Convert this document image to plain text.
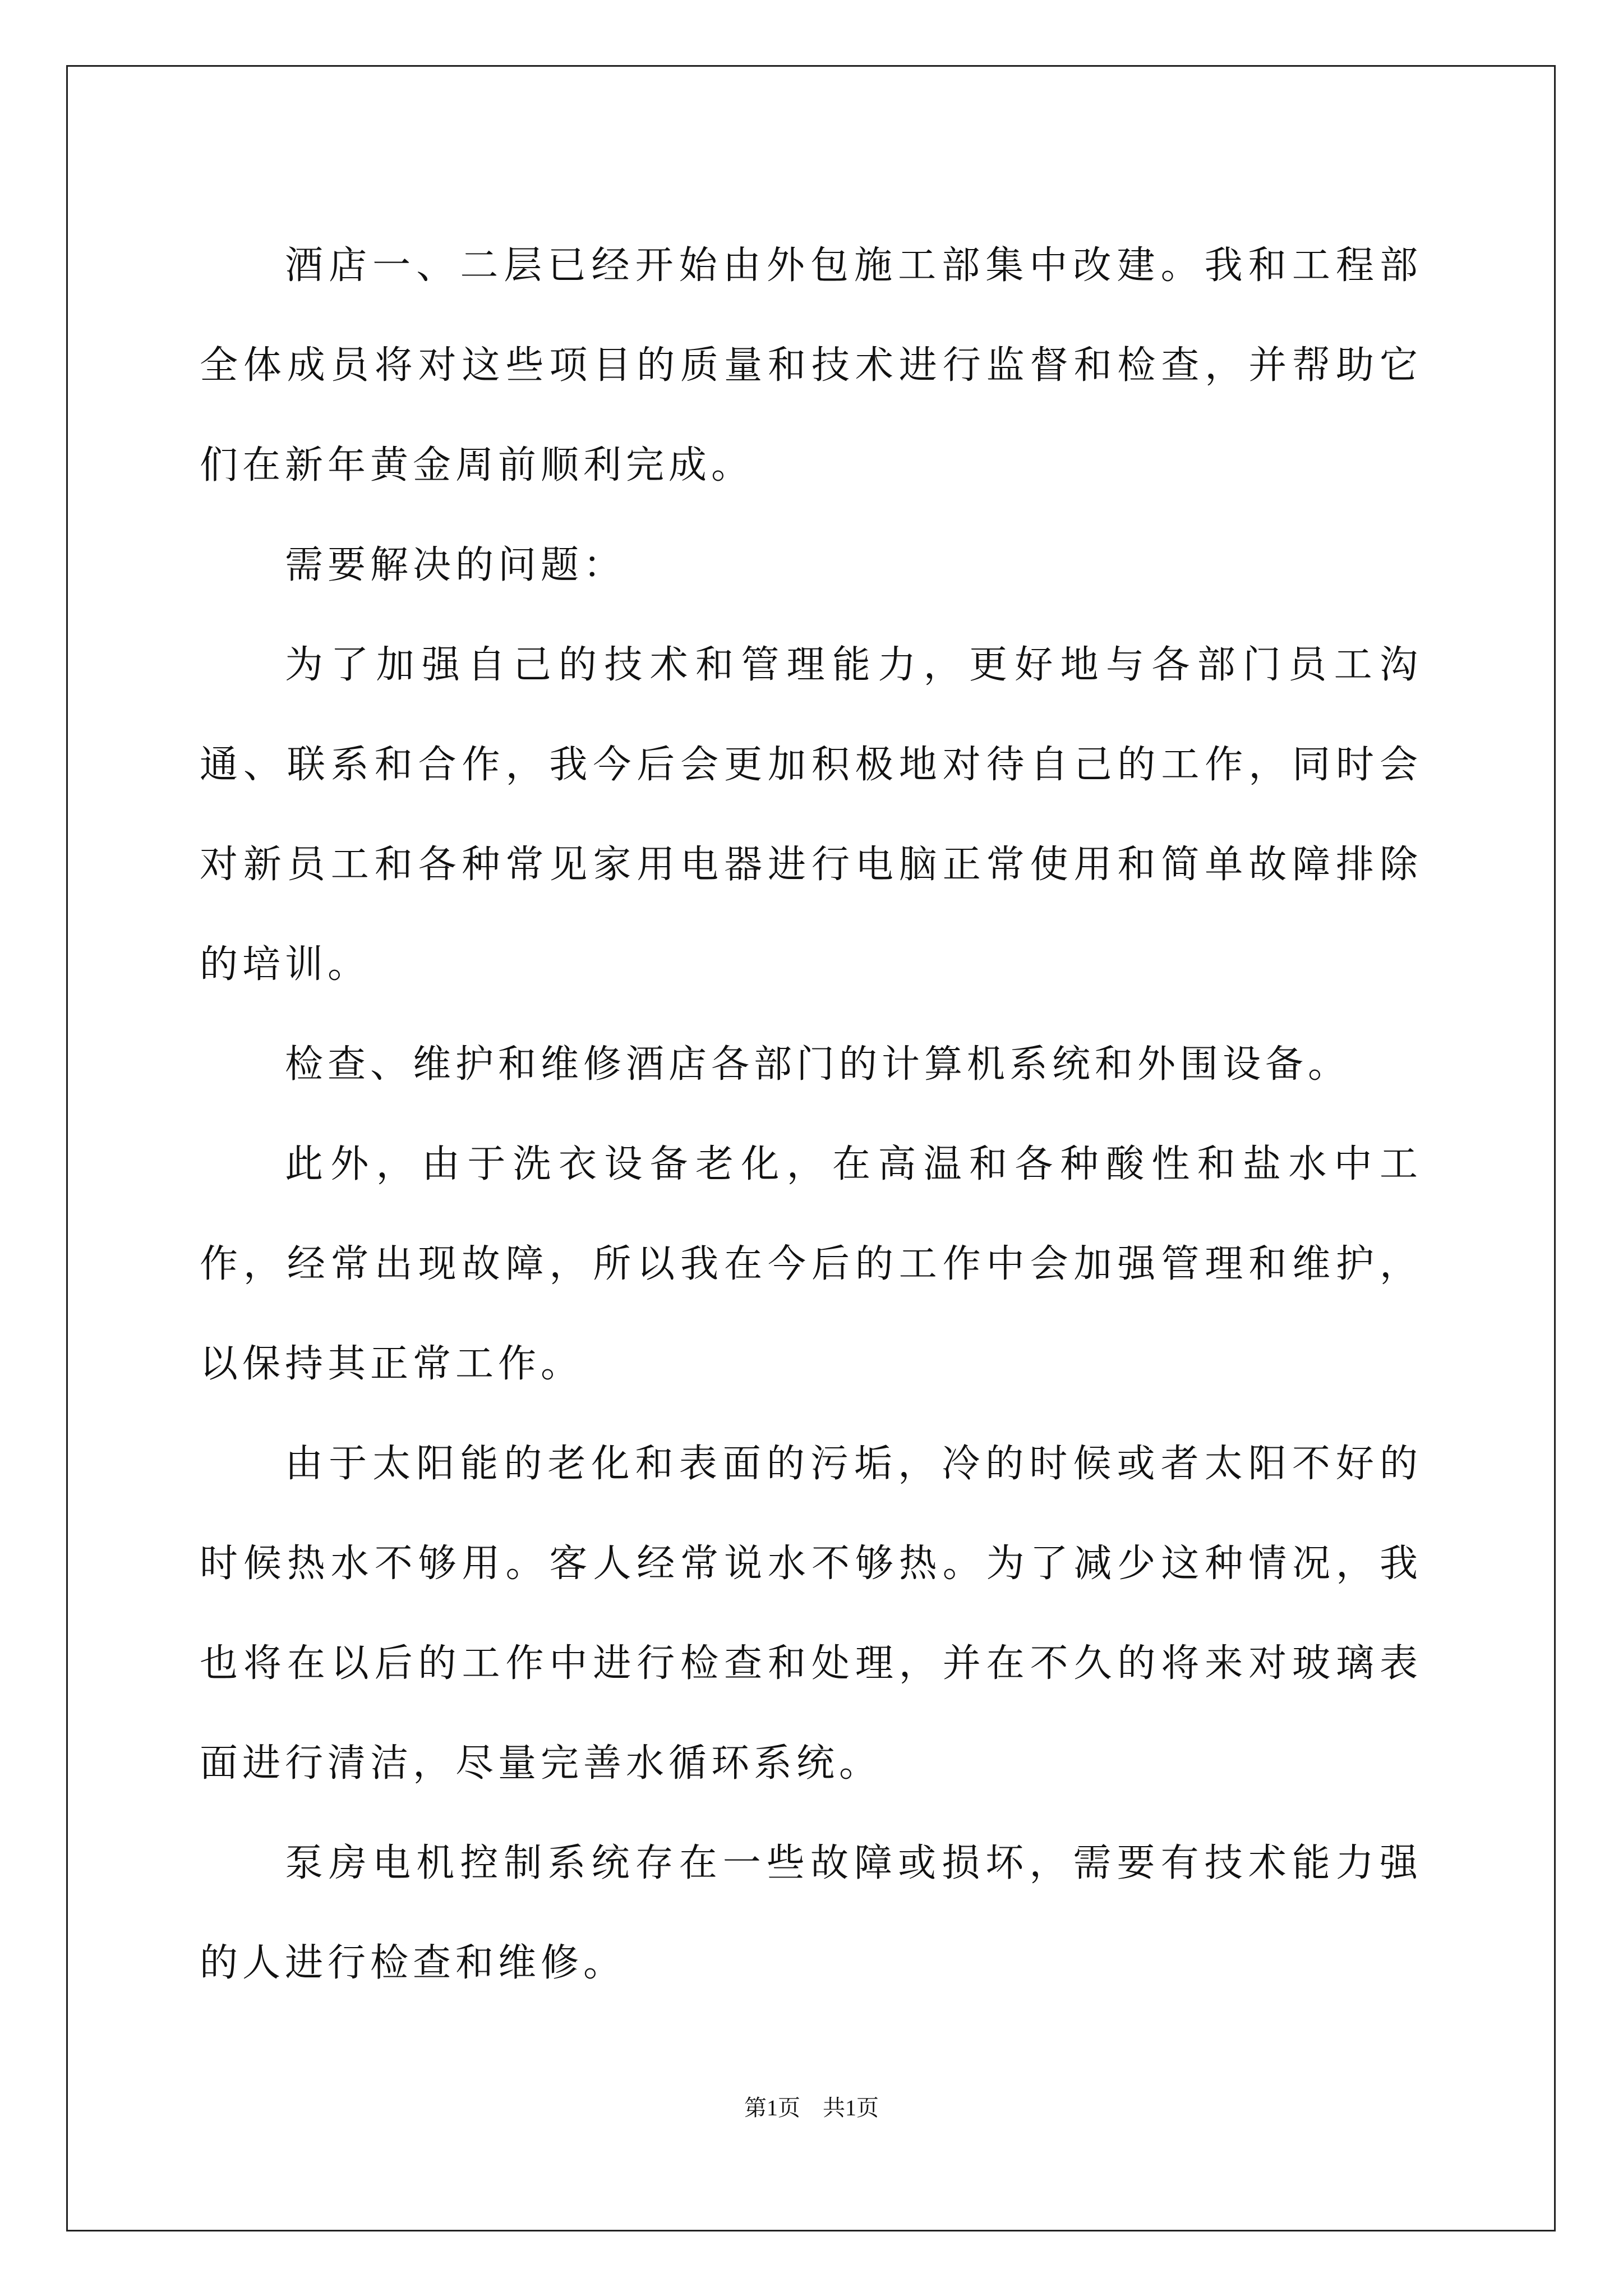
酒店一、二层已经开始由外包施工部集中改建。我和工程部全体成员将对这些项目的质量和技术进行监督和检查，并帮助它们在新年黄金周前顺利完成。

需要解决的问题：

为了加强自己的技术和管理能力，更好地与各部门员工沟通、联系和合作，我今后会更加积极地对待自己的工作，同时会对新员工和各种常见家用电器进行电脑正常使用和简单故障排除的培训。

检查、维护和维修酒店各部门的计算机系统和外围设备。

此外，由于洗衣设备老化，在高温和各种酸性和盐水中工作，经常出现故障，所以我在今后的工作中会加强管理和维护，以保持其正常工作。

由于太阳能的老化和表面的污垢，冷的时候或者太阳不好的时候热水不够用。客人经常说水不够热。为了减少这种情况，我也将在以后的工作中进行检查和处理，并在不久的将来对玻璃表面进行清洁，尽量完善水循环系统。

泵房电机控制系统存在一些故障或损坏，需要有技术能力强的人进行检查和维修。

第1页　共1页
